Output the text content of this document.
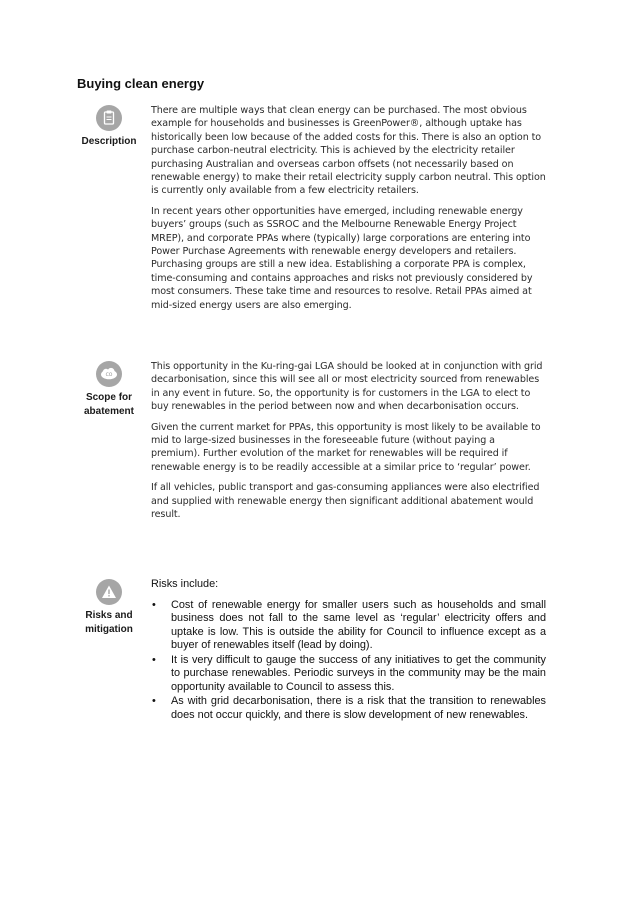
Buying clean energy
Description

There are multiple ways that clean energy can be purchased. The most obvious example for households and businesses is GreenPower®, although uptake has historically been low because of the added costs for this. There is also an option to purchase carbon-neutral electricity. This is achieved by the electricity retailer purchasing Australian and overseas carbon offsets (not necessarily based on renewable energy) to make their retail electricity supply carbon neutral. This option is currently only available from a few electricity retailers.

In recent years other opportunities have emerged, including renewable energy buyers’ groups (such as SSROC and the Melbourne Renewable Energy Project MREP), and corporate PPAs where (typically) large corporations are entering into Power Purchase Agreements with renewable energy developers and retailers. Purchasing groups are still a new idea. Establishing a corporate PPA is complex, time-consuming and contains approaches and risks not previously considered by most consumers. These take time and resources to resolve. Retail PPAs aimed at mid-sized energy users are also emerging.

CO
Scope for
abatement

This opportunity in the Ku-ring-gai LGA should be looked at in conjunction with grid decarbonisation, since this will see all or most electricity sourced from renewables in any event in future. So, the opportunity is for customers in the LGA to elect to buy renewables in the period between now and when decarbonisation occurs.

Given the current market for PPAs, this opportunity is most likely to be available to mid to large-sized businesses in the foreseeable future (without paying a premium). Further evolution of the market for renewables will be required if renewable energy is to be readily accessible at a similar price to ‘regular’ power.

If all vehicles, public transport and gas-consuming appliances were also electrified and supplied with renewable energy then significant additional abatement would result.

Risks and
mitigation

Risks include:

• Cost of renewable energy for smaller users such as households and small business does not fall to the same level as ‘regular’ electricity offers and uptake is low. This is outside the ability for Council to influence except as a buyer of renewables itself (lead by doing).
• It is very difficult to gauge the success of any initiatives to get the community to purchase renewables. Periodic surveys in the community may be the main opportunity available to Council to assess this.
• As with grid decarbonisation, there is a risk that the transition to renewables does not occur quickly, and there is slow development of new renewables.
